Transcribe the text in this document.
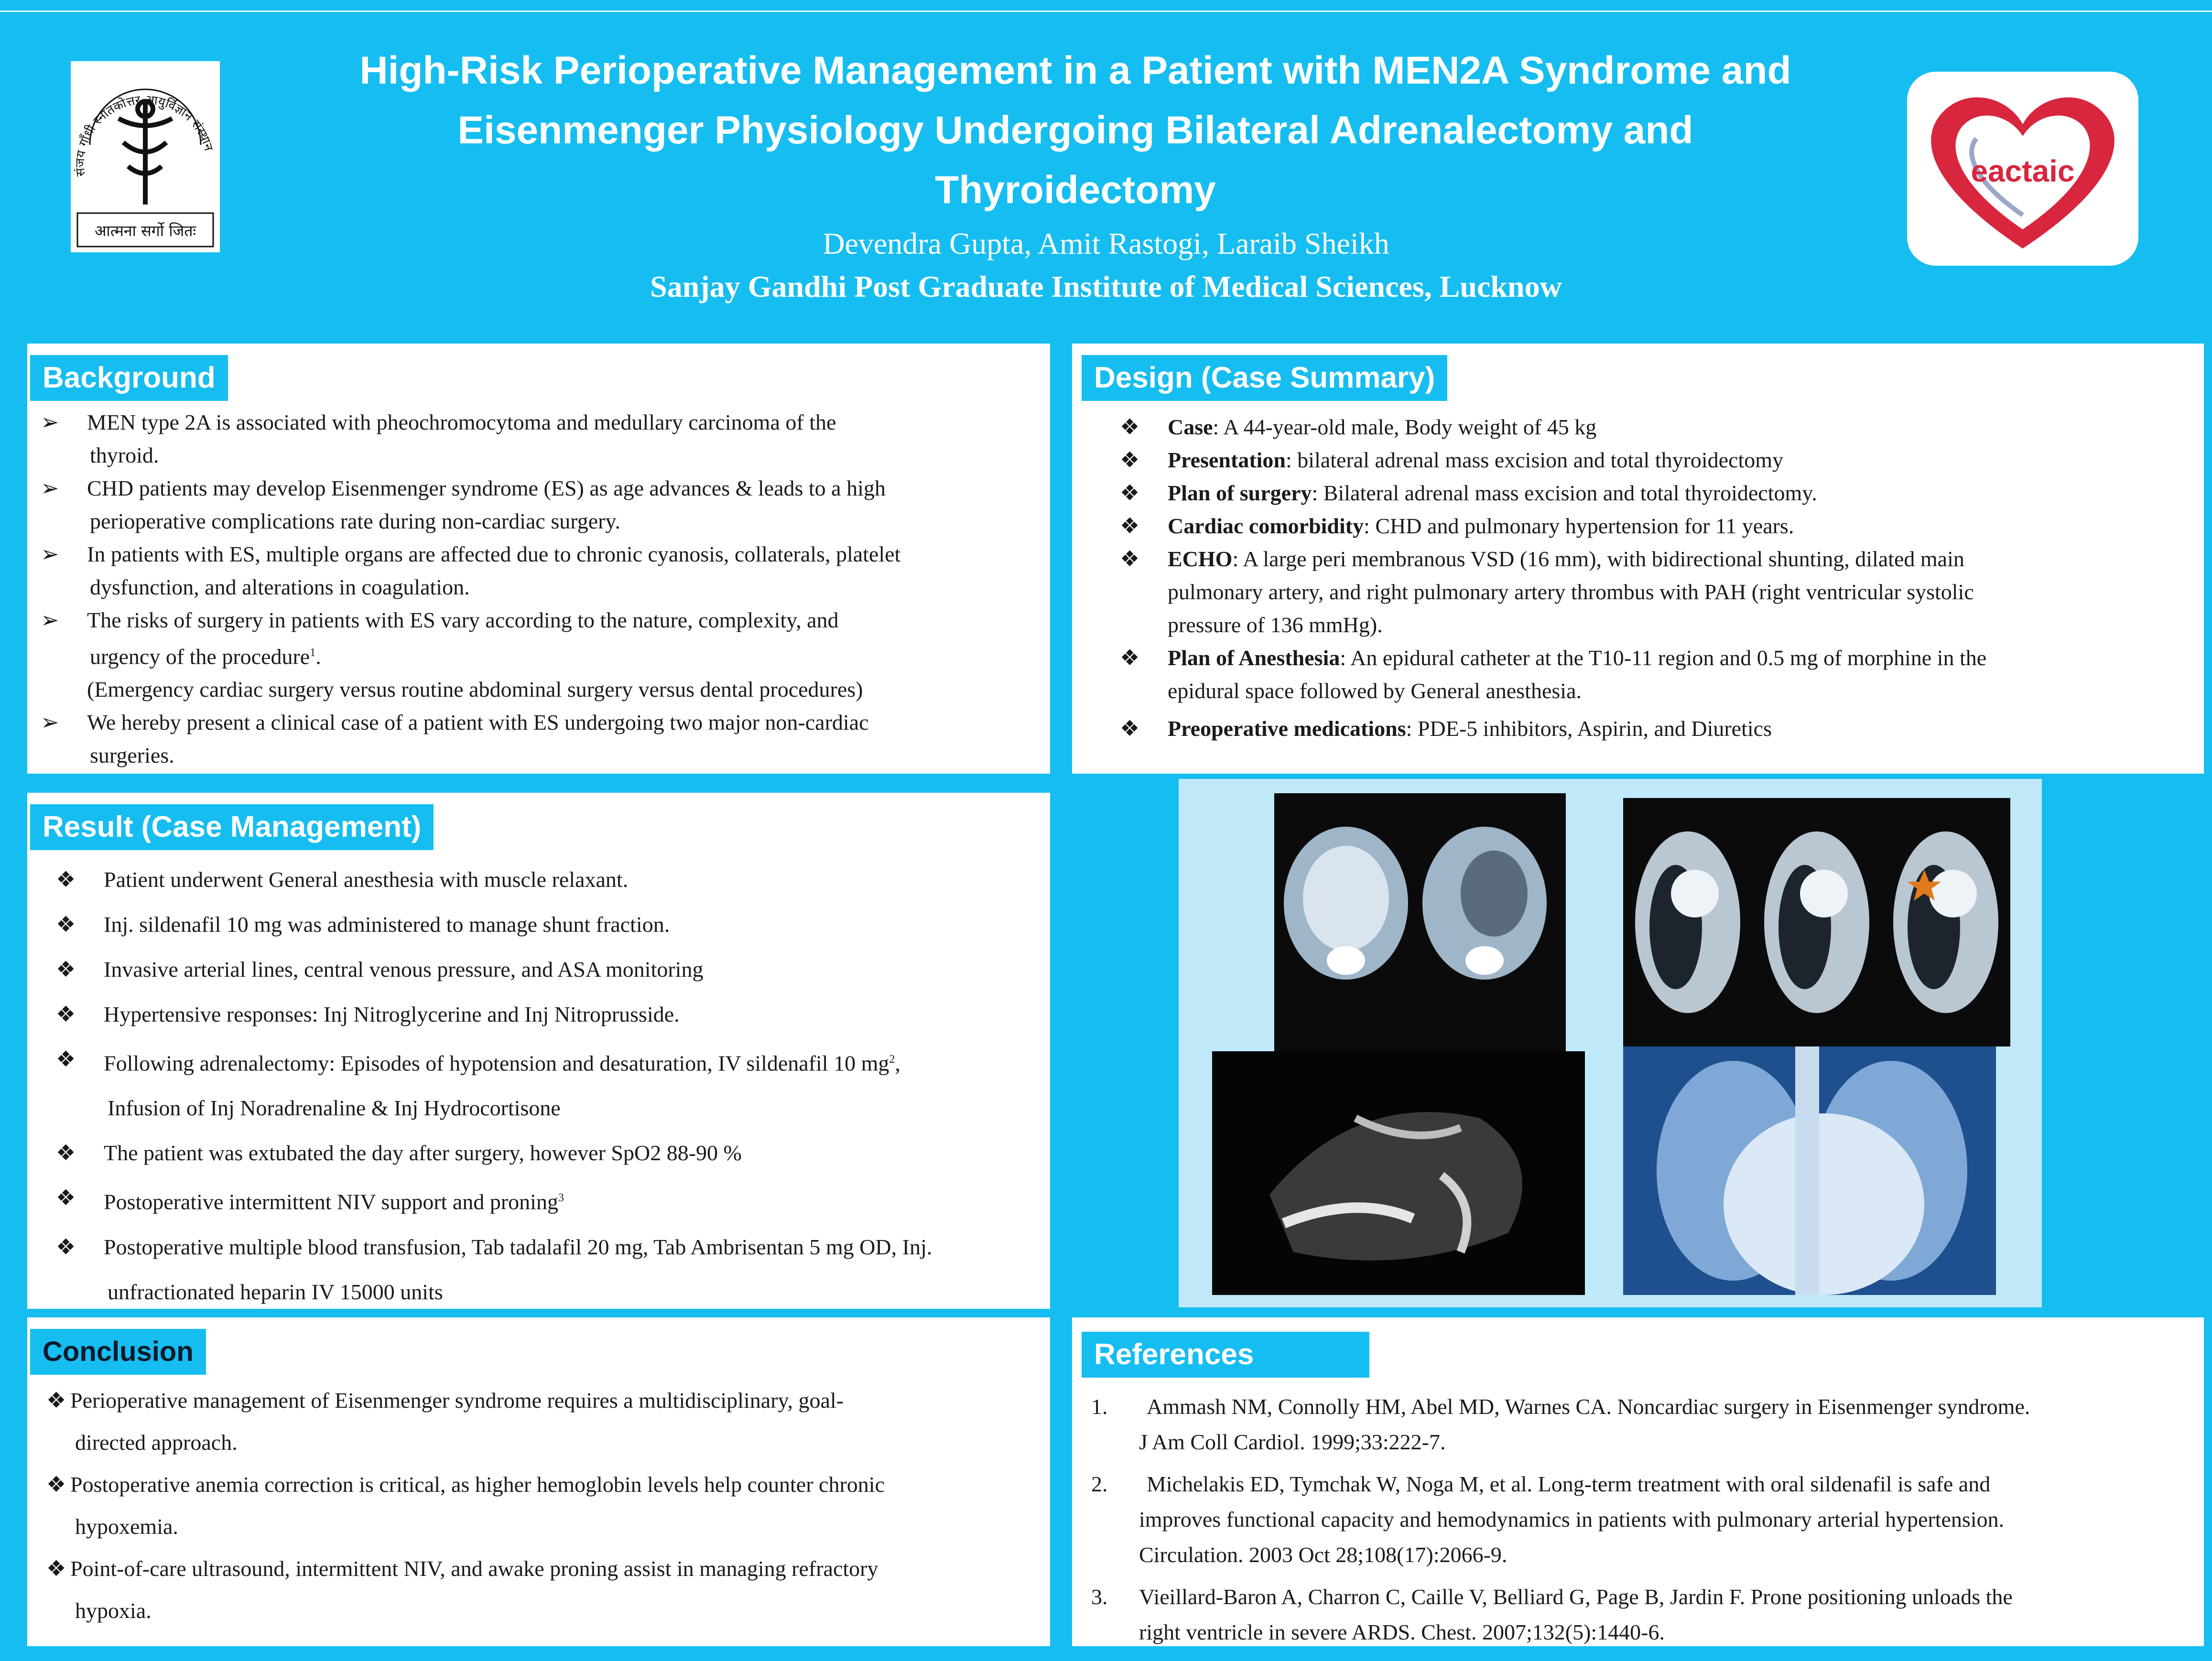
संजय गाँधी स्नातकोत्तर आयुर्विज्ञान संस्थान
आत्मना सर्गो जितः
High-Risk Perioperative Management in a Patient with MEN2A Syndrome and
Eisenmenger Physiology Undergoing Bilateral Adrenalectomy and
Thyroidectomy
Devendra Gupta, Amit Rastogi, Laraib Sheikh
Sanjay Gandhi Post Graduate Institute of Medical Sciences, Lucknow
eactaic
Background
➢ MEN type 2A is associated with pheochromocytoma and medullary carcinoma of the
thyroid.
➢ CHD patients may develop Eisenmenger syndrome (ES) as age advances & leads to a high
perioperative complications rate during non-cardiac surgery.
➢ In patients with ES, multiple organs are affected due to chronic cyanosis, collaterals, platelet
dysfunction, and alterations in coagulation.
➢ The risks of surgery in patients with ES vary according to the nature, complexity, and
urgency of the procedure$^1$.
(Emergency cardiac surgery versus routine abdominal surgery versus dental procedures)
➢ We hereby present a clinical case of a patient with ES undergoing two major non-cardiac
surgeries.
Design (Case Summary)
❖ Case: A 44-year-old male, Body weight of 45 kg
❖ Presentation: bilateral adrenal mass excision and total thyroidectomy
❖ Plan of surgery: Bilateral adrenal mass excision and total thyroidectomy.
❖ Cardiac comorbidity: CHD and pulmonary hypertension for 11 years.
❖ ECHO: A large peri membranous VSD (16 mm), with bidirectional shunting, dilated main
pulmonary artery, and right pulmonary artery thrombus with PAH (right ventricular systolic
pressure of 136 mmHg).
❖ Plan of Anesthesia: An epidural catheter at the T10-11 region and 0.5 mg of morphine in the
epidural space followed by General anesthesia.
❖ Preoperative medications: PDE-5 inhibitors, Aspirin, and Diuretics
Result (Case Management)
❖ Patient underwent General anesthesia with muscle relaxant.
❖ Inj. sildenafil 10 mg was administered to manage shunt fraction.
❖ Invasive arterial lines, central venous pressure, and ASA monitoring
❖ Hypertensive responses: Inj Nitroglycerine and Inj Nitroprusside.
❖ Following adrenalectomy: Episodes of hypotension and desaturation, IV sildenafil 10 $mg^2$,
Infusion of Inj Noradrenaline & Inj Hydrocortisone
❖ The patient was extubated the day after surgery, however SpO2 88-90 %
❖ Postoperative intermittent NIV support and proning$^3$
❖ Postoperative multiple blood transfusion, Tab tadalafil 20 mg, Tab Ambrisentan 5 mg OD, Inj.
unfractionated heparin IV 15000 units
Conclusion
❖ Perioperative management of Eisenmenger syndrome requires a multidisciplinary, goal-
directed approach.
❖ Postoperative anemia correction is critical, as higher hemoglobin levels help counter chronic
hypoxemia.
❖ Point-of-care ultrasound, intermittent NIV, and awake proning assist in managing refractory
hypoxia.
References
1.	Ammash NM, Connolly HM, Abel MD, Warnes CA. Noncardiac surgery in Eisenmenger syndrome.
J Am Coll Cardiol. 1999;33:222-7.
2.	Michelakis ED, Tymchak W, Noga M, et al. Long-term treatment with oral sildenafil is safe and
improves functional capacity and hemodynamics in patients with pulmonary arterial hypertension.
Circulation. 2003 Oct 28;108(17):2066-9.
3. Vieillard-Baron A, Charron C, Caille V, Belliard G, Page B, Jardin F. Prone positioning unloads the
right ventricle in severe ARDS. Chest. 2007;132(5):1440-6.
